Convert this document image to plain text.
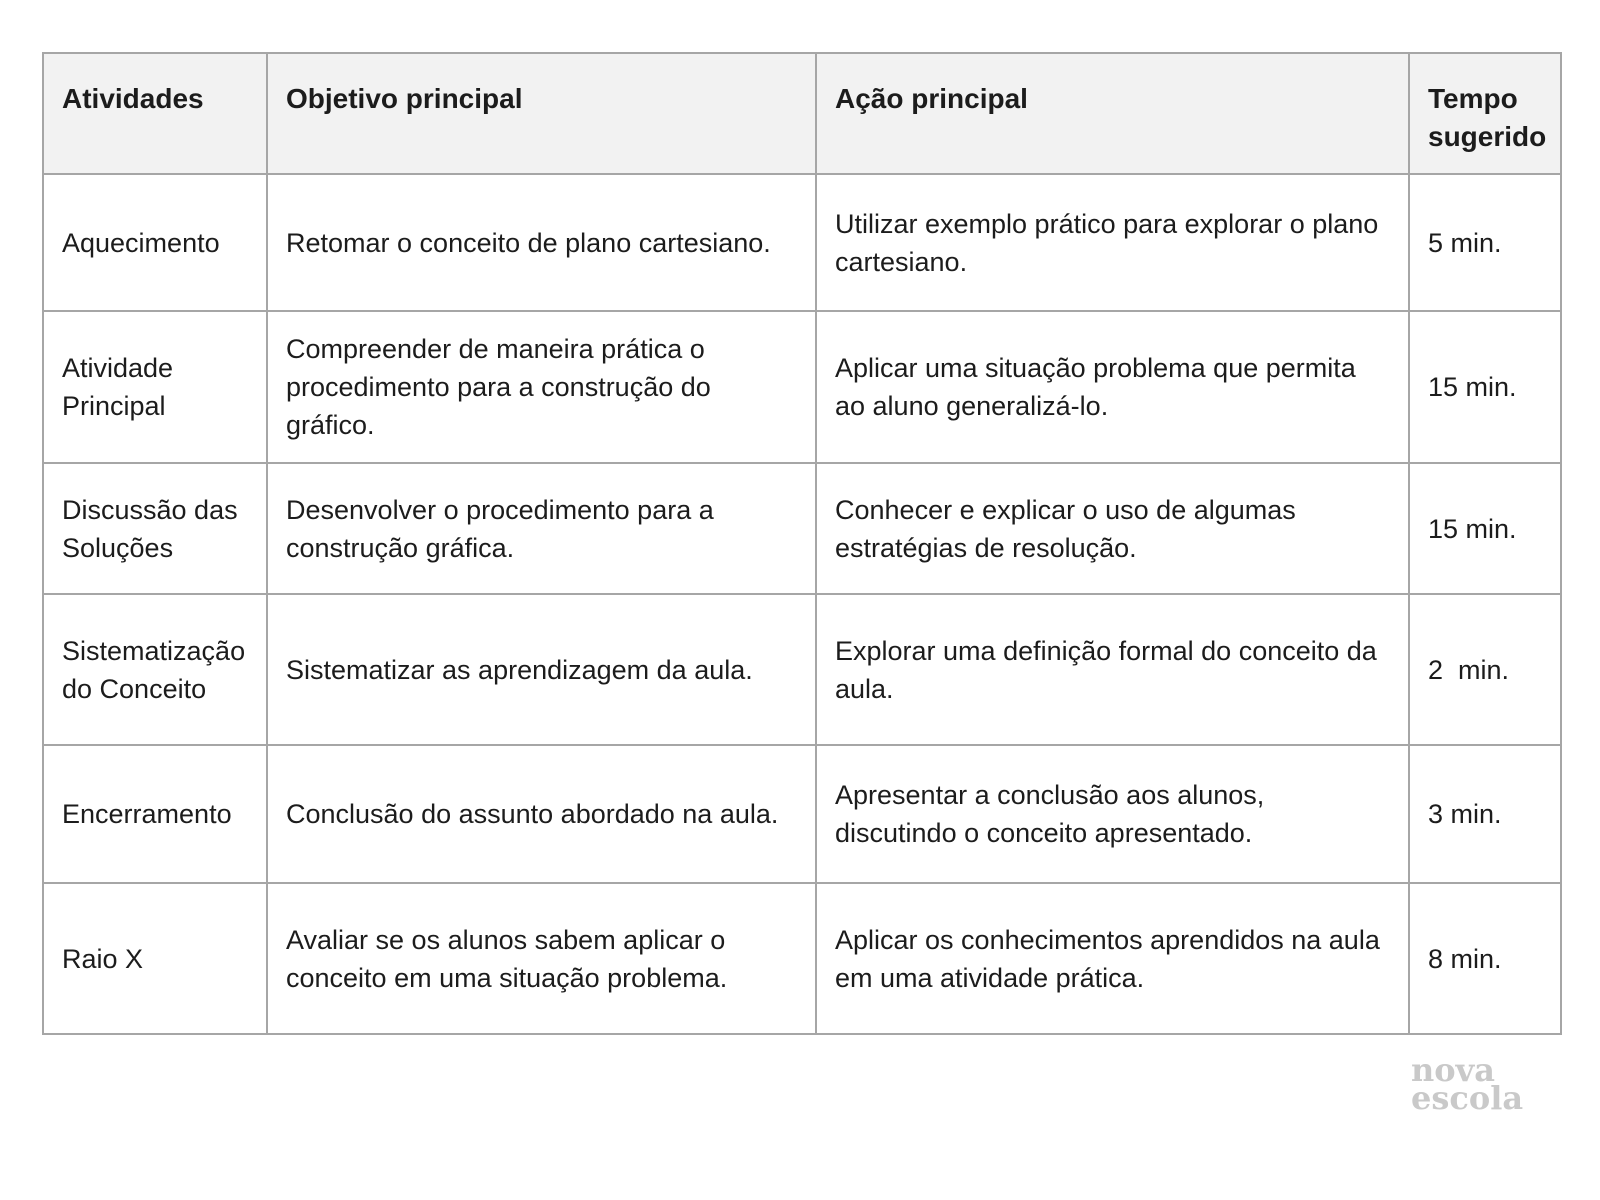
Atividades	Objetivo principal	Ação principal	Tempo sugerido
Aquecimento	Retomar o conceito de plano cartesiano.	Utilizar exemplo prático para explorar o plano cartesiano.	5 min.
Atividade Principal	Compreender de maneira prática o procedimento para a construção do gráfico.	Aplicar uma situação problema que permita ao aluno generalizá-lo.	15 min.
Discussão das Soluções	Desenvolver o procedimento para a construção gráfica.	Conhecer e explicar o uso de algumas estratégias de resolução.	15 min.
Sistematização do Conceito	Sistematizar as aprendizagem da aula.	Explorar uma definição formal do conceito da aula.	2  min.
Encerramento	Conclusão do assunto abordado na aula.	Apresentar a conclusão aos alunos, discutindo o conceito apresentado.	3 min.
Raio X	Avaliar se os alunos sabem aplicar o conceito em uma situação problema.	Aplicar os conhecimentos aprendidos na aula em uma atividade prática.	8 min.
nova
escola
